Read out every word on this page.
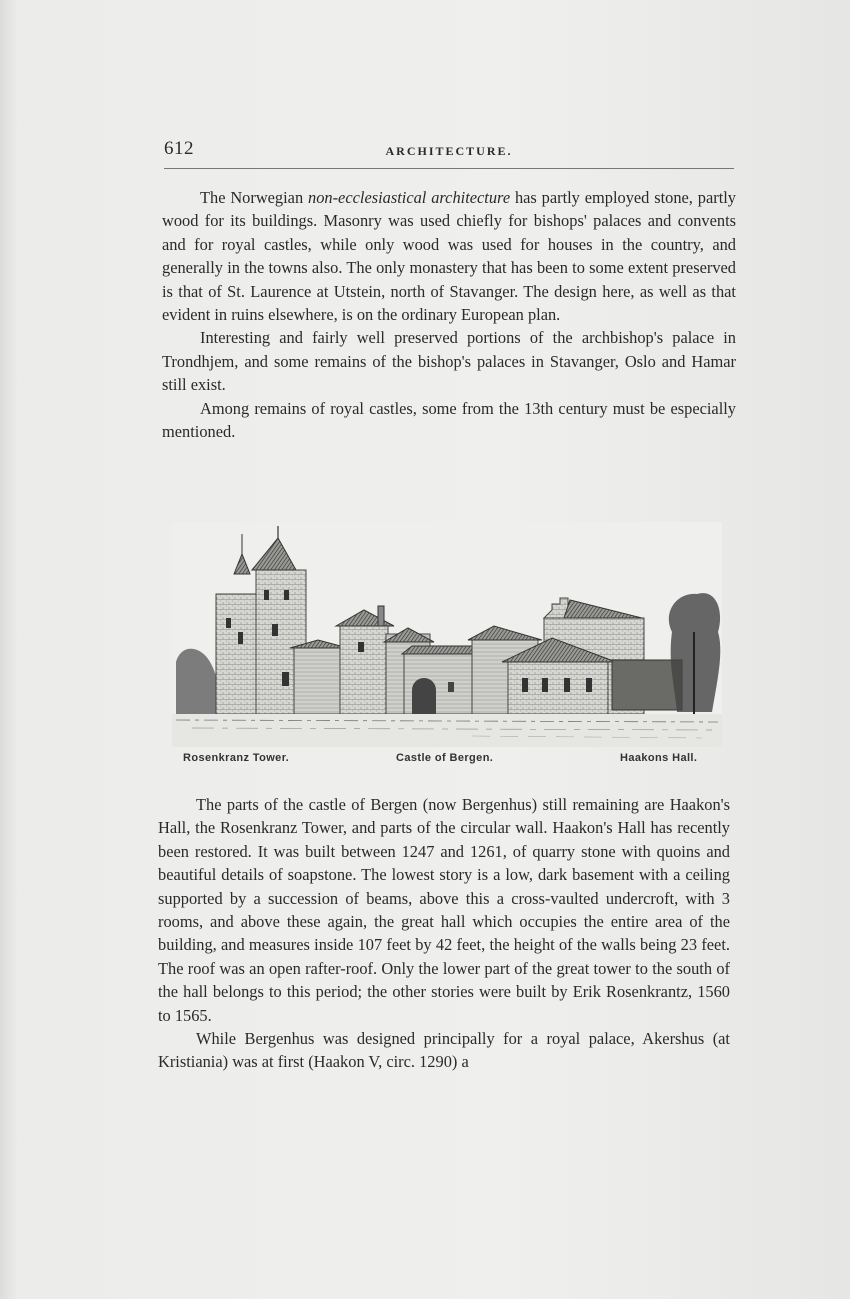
612	ARCHITECTURE.

The Norwegian non-ecclesiastical architecture has partly employed stone, partly wood for its buildings. Masonry was used chiefly for bishops' palaces and convents and for royal castles, while only wood was used for houses in the country, and generally in the towns also. The only monastery that has been to some extent preserved is that of St. Laurence at Utstein, north of Stavanger. The design here, as well as that evident in ruins elsewhere, is on the ordinary European plan.

Interesting and fairly well preserved portions of the archbishop's palace in Trondhjem, and some remains of the bishop's palaces in Stavanger, Oslo and Hamar still exist.

Among remains of royal castles, some from the 13th century must be especially mentioned.

Rosenkranz Tower.	Castle of Bergen.	Haakons Hall.

The parts of the castle of Bergen (now Bergenhus) still remaining are Haakon's Hall, the Rosenkranz Tower, and parts of the circular wall. Haakon's Hall has recently been restored. It was built between 1247 and 1261, of quarry stone with quoins and beautiful details of soapstone. The lowest story is a low, dark basement with a ceiling supported by a succession of beams, above this a cross-vaulted undercroft, with 3 rooms, and above these again, the great hall which occupies the entire area of the building, and measures inside 107 feet by 42 feet, the height of the walls being 23 feet. The roof was an open rafter-roof. Only the lower part of the great tower to the south of the hall belongs to this period; the other stories were built by Erik Rosenkrantz, 1560 to 1565.

While Bergenhus was designed principally for a royal palace, Akershus (at Kristiania) was at first (Haakon V, circ. 1290) a
